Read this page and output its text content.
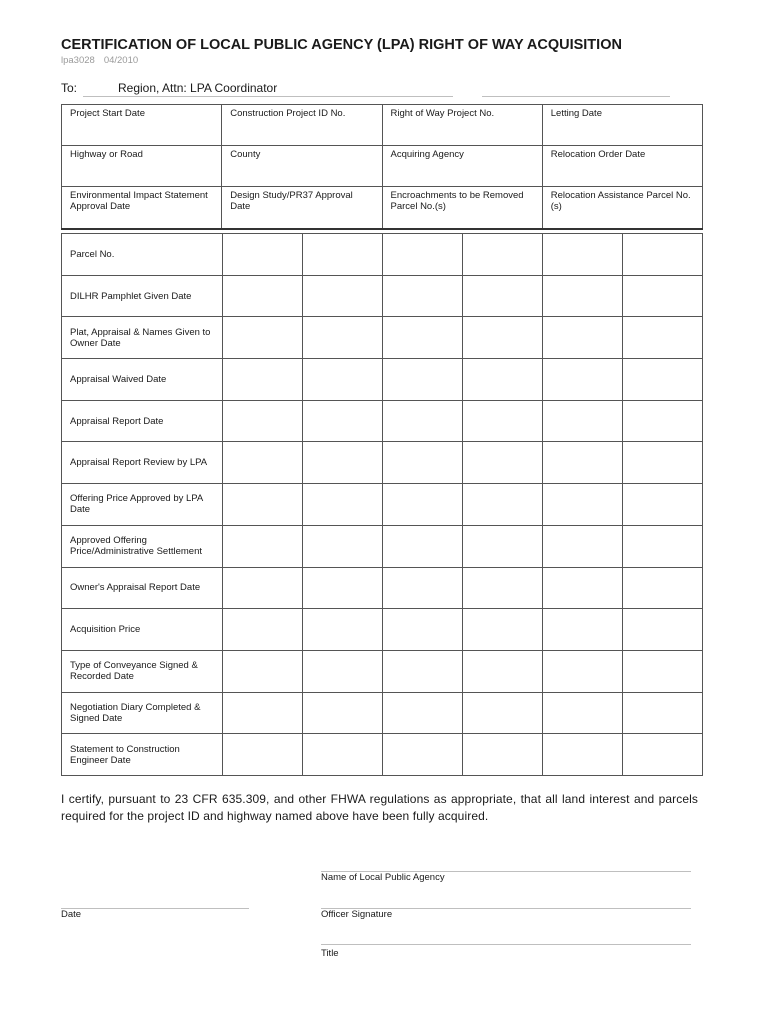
CERTIFICATION OF LOCAL PUBLIC AGENCY (LPA) RIGHT OF WAY ACQUISITION
lpa3028 04/2010
To:	Region, Attn: LPA Coordinator
Project Start Date	Construction Project ID No.	Right of Way Project No.	Letting Date
Highway or Road	County	Acquiring Agency	Relocation Order Date
Environmental Impact Statement Approval Date	Design Study/PR37 Approval Date	Encroachments to be Removed Parcel No.(s)	Relocation Assistance Parcel No.(s)
Parcel No.						
DILHR Pamphlet Given Date						
Plat, Appraisal & Names Given to Owner Date						
Appraisal Waived Date						
Appraisal Report Date						
Appraisal Report Review by LPA						
Offering Price Approved by LPA Date						
Approved Offering Price/Administrative Settlement						
Owner's Appraisal Report Date						
Acquisition Price						
Type of Conveyance Signed & Recorded Date						
Negotiation Diary Completed & Signed Date						
Statement to Construction Engineer Date						
I certify, pursuant to 23 CFR 635.309, and other FHWA regulations as appropriate, that all land interest and parcels required for the project ID and highway named above have been fully acquired.
Name of Local Public Agency
Date	Officer Signature
Title
